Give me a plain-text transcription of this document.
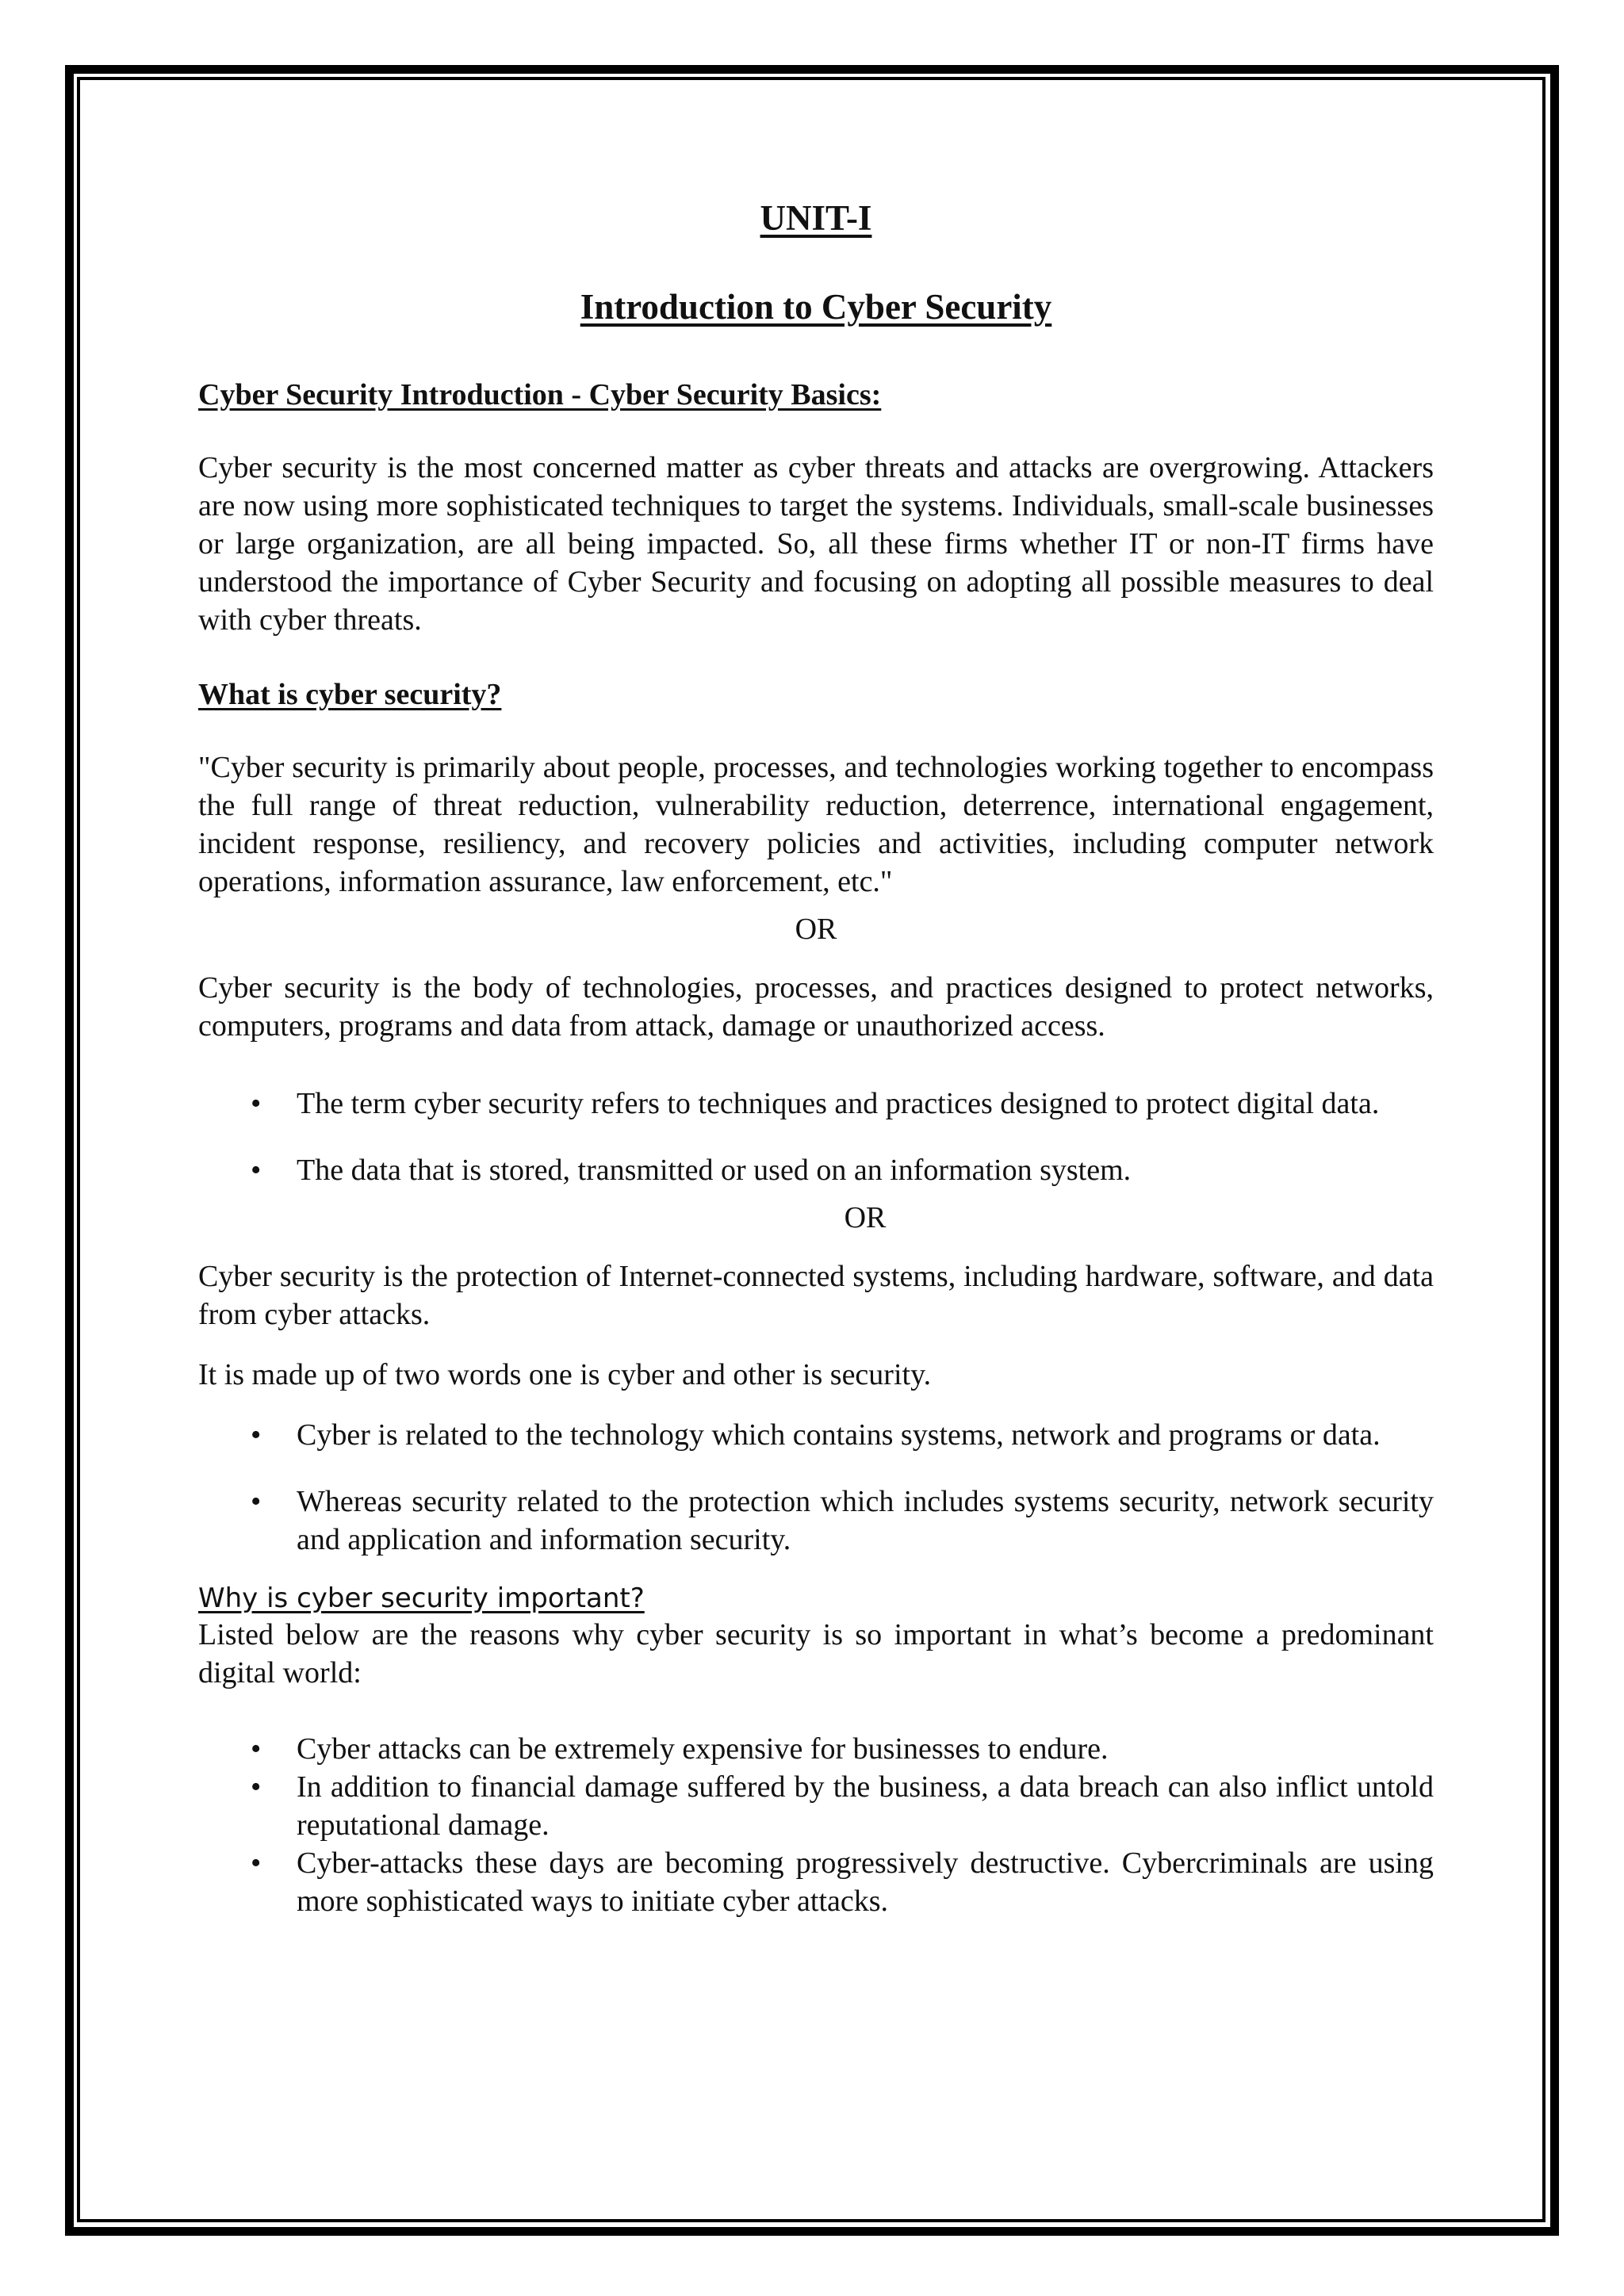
UNIT-I
Introduction to Cyber Security

Cyber Security Introduction - Cyber Security Basics:

Cyber security is the most concerned matter as cyber threats and attacks are overgrowing. Attackers are now using more sophisticated techniques to target the systems. Individuals, small-scale businesses or large organization, are all being impacted. So, all these firms whether IT or non-IT firms have understood the importance of Cyber Security and focusing on adopting all possible measures to deal with cyber threats.

What is cyber security?

"Cyber security is primarily about people, processes, and technologies working together to encompass the full range of threat reduction, vulnerability reduction, deterrence, international engagement, incident response, resiliency, and recovery policies and activities, including computer network operations, information assurance, law enforcement, etc."

OR

Cyber security is the body of technologies, processes, and practices designed to protect networks, computers, programs and data from attack, damage or unauthorized access.

• The term cyber security refers to techniques and practices designed to protect digital data.
• The data that is stored, transmitted or used on an information system.

OR

Cyber security is the protection of Internet-connected systems, including hardware, software, and data from cyber attacks.

It is made up of two words one is cyber and other is security.

• Cyber is related to the technology which contains systems, network and programs or data.
• Whereas security related to the protection which includes systems security, network security and application and information security.

Why is cyber security important?

Listed below are the reasons why cyber security is so important in what’s become a predominant digital world:

• Cyber attacks can be extremely expensive for businesses to endure.
• In addition to financial damage suffered by the business, a data breach can also inflict untold reputational damage.
• Cyber-attacks these days are becoming progressively destructive. Cybercriminals are using more sophisticated ways to initiate cyber attacks.
